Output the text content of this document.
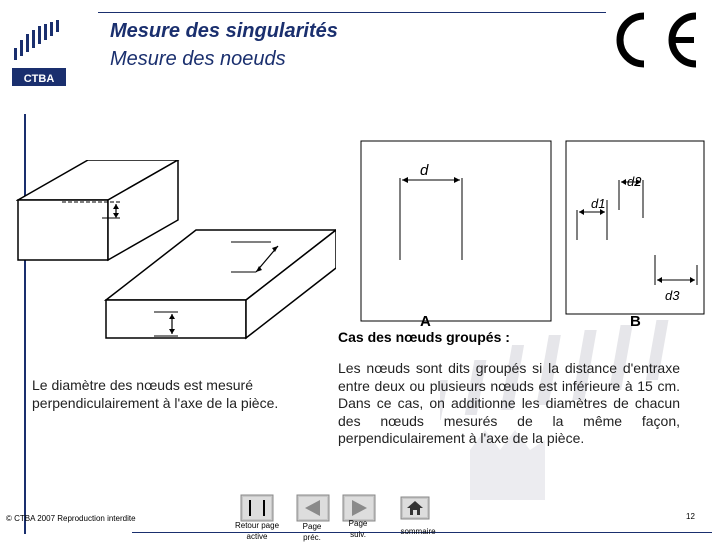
CTBA
Mesure des singularités
Mesure des noeuds
d
d1
d2
d3
A	B
Cas des nœuds groupés :
Les nœuds sont dits groupés si la distance d'entraxe entre deux ou plusieurs nœuds est inférieure à 15 cm. Dans ce cas, on additionne les diamètres de chacun des nœuds mesurés de la même façon, perpendiculairement à l'axe de la pièce.
Le diamètre des nœuds est mesuré perpendiculairement à l'axe de la pièce.
© CTBA 2007 Reproduction interdite
Retour page
active
Page
préc.
Page
suiv.	sommaire
12
